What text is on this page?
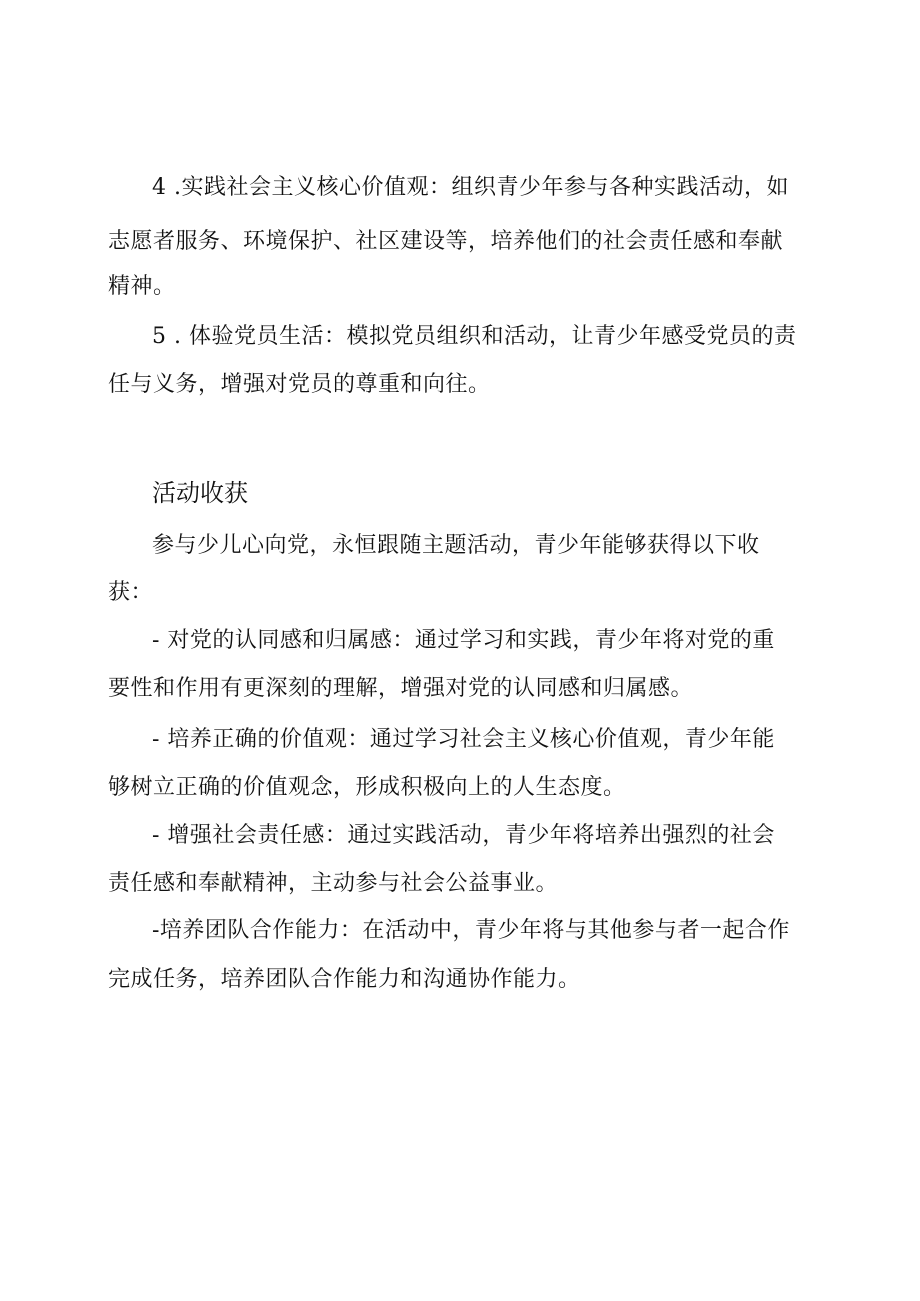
4 .实践社会主义核心价值观：组织青少年参与各种实践活动，如
志愿者服务、环境保护、社区建设等，培养他们的社会责任感和奉献
精神。
5 . 体验党员生活：模拟党员组织和活动，让青少年感受党员的责
任与义务，增强对党员的尊重和向往。
活动收获
参与少儿心向党，永恒跟随主题活动，青少年能够获得以下收
获：
- 对党的认同感和归属感：通过学习和实践，青少年将对党的重
要性和作用有更深刻的理解，增强对党的认同感和归属感。
- 培养正确的价值观：通过学习社会主义核心价值观，青少年能
够树立正确的价值观念，形成积极向上的人生态度。
- 增强社会责任感：通过实践活动，青少年将培养出强烈的社会
责任感和奉献精神，主动参与社会公益事业。
-培养团队合作能力：在活动中，青少年将与其他参与者一起合作
完成任务，培养团队合作能力和沟通协作能力。
